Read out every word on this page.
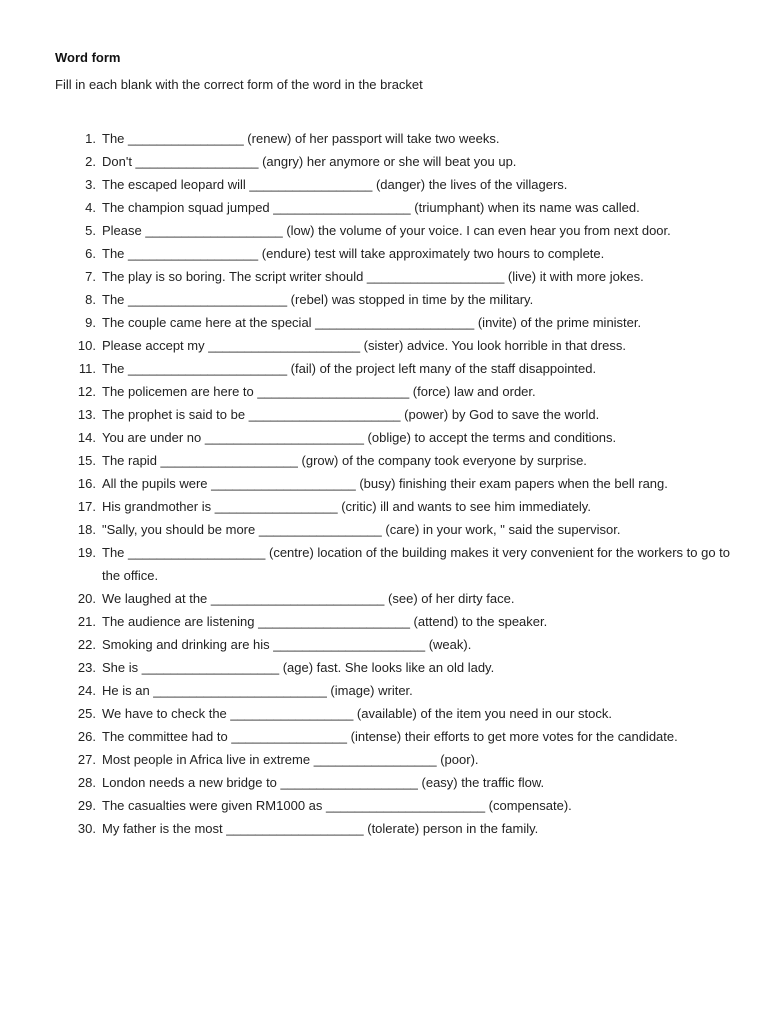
Word form
Fill in each blank with the correct form of the word in the bracket
1. The ________________ (renew) of her passport will take two weeks.
2. Don't _________________ (angry) her anymore or she will beat you up.
3. The escaped leopard will _________________ (danger) the lives of the villagers.
4. The champion squad jumped ___________________ (triumphant) when its name was called.
5. Please ___________________ (low) the volume of your voice. I can even hear you from next door.
6. The __________________ (endure) test will take approximately two hours to complete.
7. The play is so boring. The script writer should ___________________ (live) it with more jokes.
8. The ______________________ (rebel) was stopped in time by the military.
9. The couple came here at the special ______________________ (invite) of the prime minister.
10. Please accept my _____________________ (sister) advice. You look horrible in that dress.
11. The ______________________ (fail) of the project left many of the staff disappointed.
12. The policemen are here to _____________________ (force) law and order.
13. The prophet is said to be _____________________ (power) by God to save the world.
14. You are under no ______________________ (oblige) to accept the terms and conditions.
15. The rapid ___________________ (grow) of the company took everyone by surprise.
16. All the pupils were ____________________ (busy) finishing their exam papers when the bell rang.
17. His grandmother is _________________ (critic) ill and wants to see him immediately.
18. "Sally, you should be more _________________ (care) in your work, " said the supervisor.
19. The ___________________ (centre) location of the building makes it very convenient for the workers to go to the office.
20. We laughed at the ________________________ (see) of her dirty face.
21. The audience are listening _____________________ (attend) to the speaker.
22. Smoking and drinking are his _____________________ (weak).
23. She is ___________________ (age) fast. She looks like an old lady.
24. He is an ________________________ (image) writer.
25. We have to check the _________________ (available) of the item you need in our stock.
26. The committee had to ________________ (intense) their efforts to get more votes for the candidate.
27. Most people in Africa live in extreme _________________ (poor).
28. London needs a new bridge to ___________________ (easy) the traffic flow.
29. The casualties were given RM1000 as ______________________ (compensate).
30. My father is the most ___________________ (tolerate) person in the family.
